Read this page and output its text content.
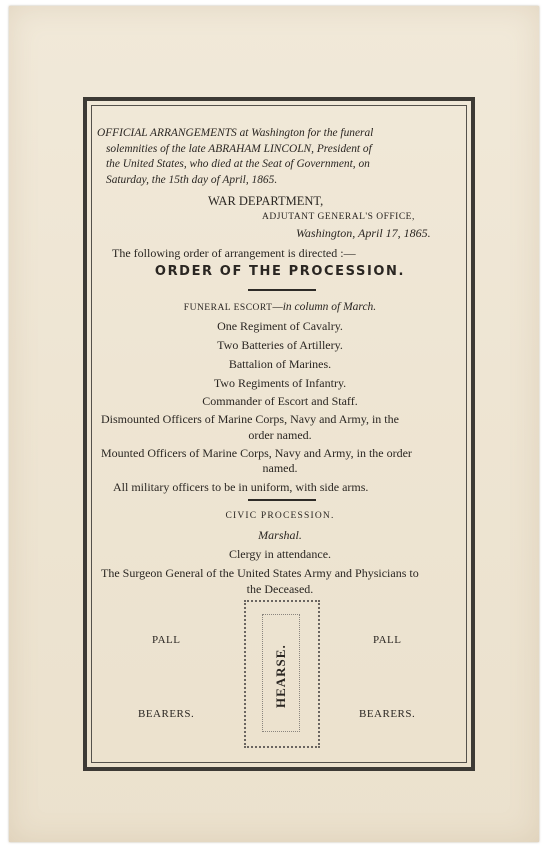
OFFICIAL ARRANGEMENTS at Washington for the funeral
solemnities of the late ABRAHAM LINCOLN, President of
the United States, who died at the Seat of Government, on
Saturday, the 15th day of April, 1865.
WAR DEPARTMENT,
ADJUTANT GENERAL'S OFFICE,
Washington, April 17, 1865.
The following order of arrangement is directed :—
ORDER OF THE PROCESSION.
FUNERAL ESCORT—in column of March.
One Regiment of Cavalry.
Two Batteries of Artillery.
Battalion of Marines.
Two Regiments of Infantry.
Commander of Escort and Staff.
Dismounted Officers of Marine Corps, Navy and Army, in the
order named.
Mounted Officers of Marine Corps, Navy and Army, in the order
named.
All military officers to be in uniform, with side arms.
CIVIC PROCESSION.
Marshal.
Clergy in attendance.
The Surgeon General of the United States Army and Physicians to
the Deceased.
PALL	PALL
BEARERS.	BEARERS.
HEARSE.
